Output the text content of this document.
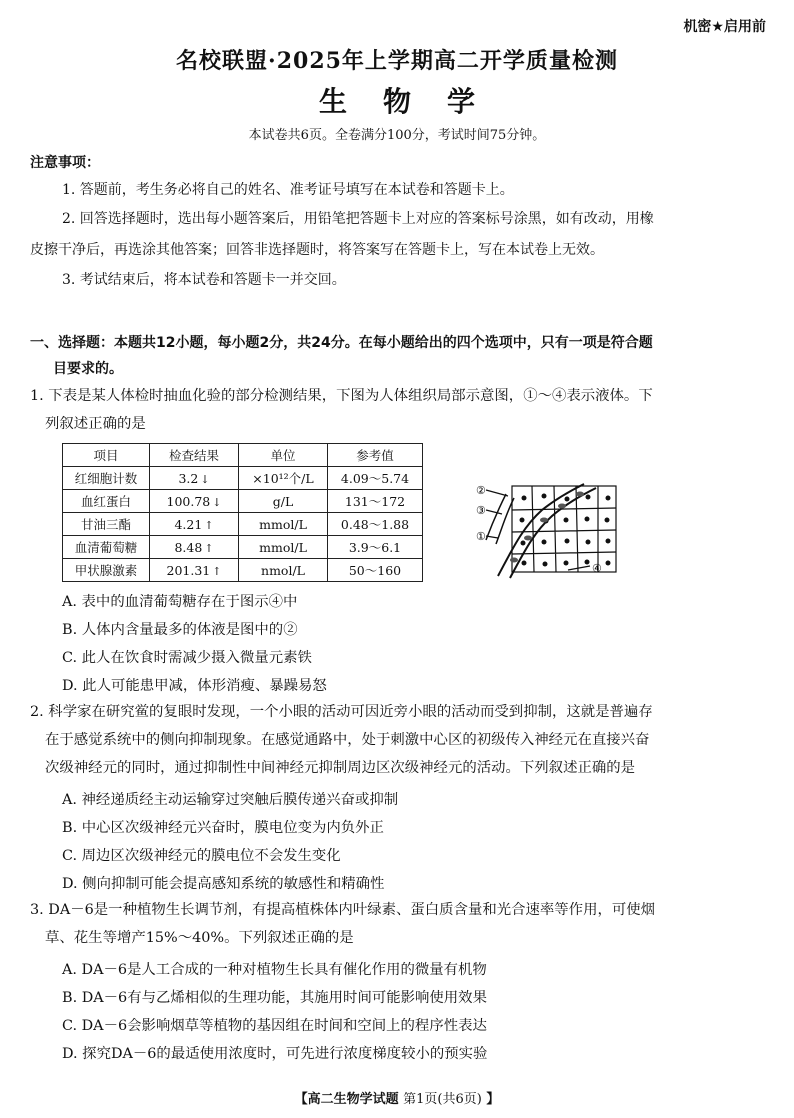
机密★启用前
名校联盟·2025年上学期高二开学质量检测
生 物 学
本试卷共6页。全卷满分100分，考试时间75分钟。
注意事项：
1. 答题前，考生务必将自己的姓名、准考证号填写在本试卷和答题卡上。
2. 回答选择题时，选出每小题答案后，用铅笔把答题卡上对应的答案标号涂黑，如有改动，用橡
皮擦干净后，再选涂其他答案；回答非选择题时，将答案写在答题卡上，写在本试卷上无效。
3. 考试结束后，将本试卷和答题卡一并交回。
一、选择题：本题共12小题，每小题2分，共24分。在每小题给出的四个选项中，只有一项是符合题
目要求的。
1. 下表是某人体检时抽血化验的部分检测结果，下图为人体组织局部示意图，①～④表示液体。下
列叙述正确的是
项目	检查结果	单位	参考值
红细胞计数	3.2 ↓	×10¹²个/L	4.09～5.74
血红蛋白	100.78 ↓	g/L	131～172
甘油三酯	4.21 ↑	mmol/L	0.48～1.88
血清葡萄糖	8.48 ↑	mmol/L	3.9～6.1
甲状腺激素	201.31 ↑	nmol/L	50～160
②
③
①
④
A. 表中的血清葡萄糖存在于图示④中
B. 人体内含量最多的体液是图中的②
C. 此人在饮食时需减少摄入微量元素铁
D. 此人可能患甲减，体形消瘦、暴躁易怒
2. 科学家在研究鲎的复眼时发现，一个小眼的活动可因近旁小眼的活动而受到抑制，这就是普遍存
在于感觉系统中的侧向抑制现象。在感觉通路中，处于刺激中心区的初级传入神经元在直接兴奋
次级神经元的同时，通过抑制性中间神经元抑制周边区次级神经元的活动。下列叙述正确的是
A. 神经递质经主动运输穿过突触后膜传递兴奋或抑制
B. 中心区次级神经元兴奋时，膜电位变为内负外正
C. 周边区次级神经元的膜电位不会发生变化
D. 侧向抑制可能会提高感知系统的敏感性和精确性
3. DA－6是一种植物生长调节剂，有提高植株体内叶绿素、蛋白质含量和光合速率等作用，可使烟
草、花生等增产15%～40%。下列叙述正确的是
A. DA－6是人工合成的一种对植物生长具有催化作用的微量有机物
B. DA－6有与乙烯相似的生理功能，其施用时间可能影响使用效果
C. DA－6会影响烟草等植物的基因组在时间和空间上的程序性表达
D. 探究DA－6的最适使用浓度时，可先进行浓度梯度较小的预实验
【高二生物学试题 第1页(共6页) 】
